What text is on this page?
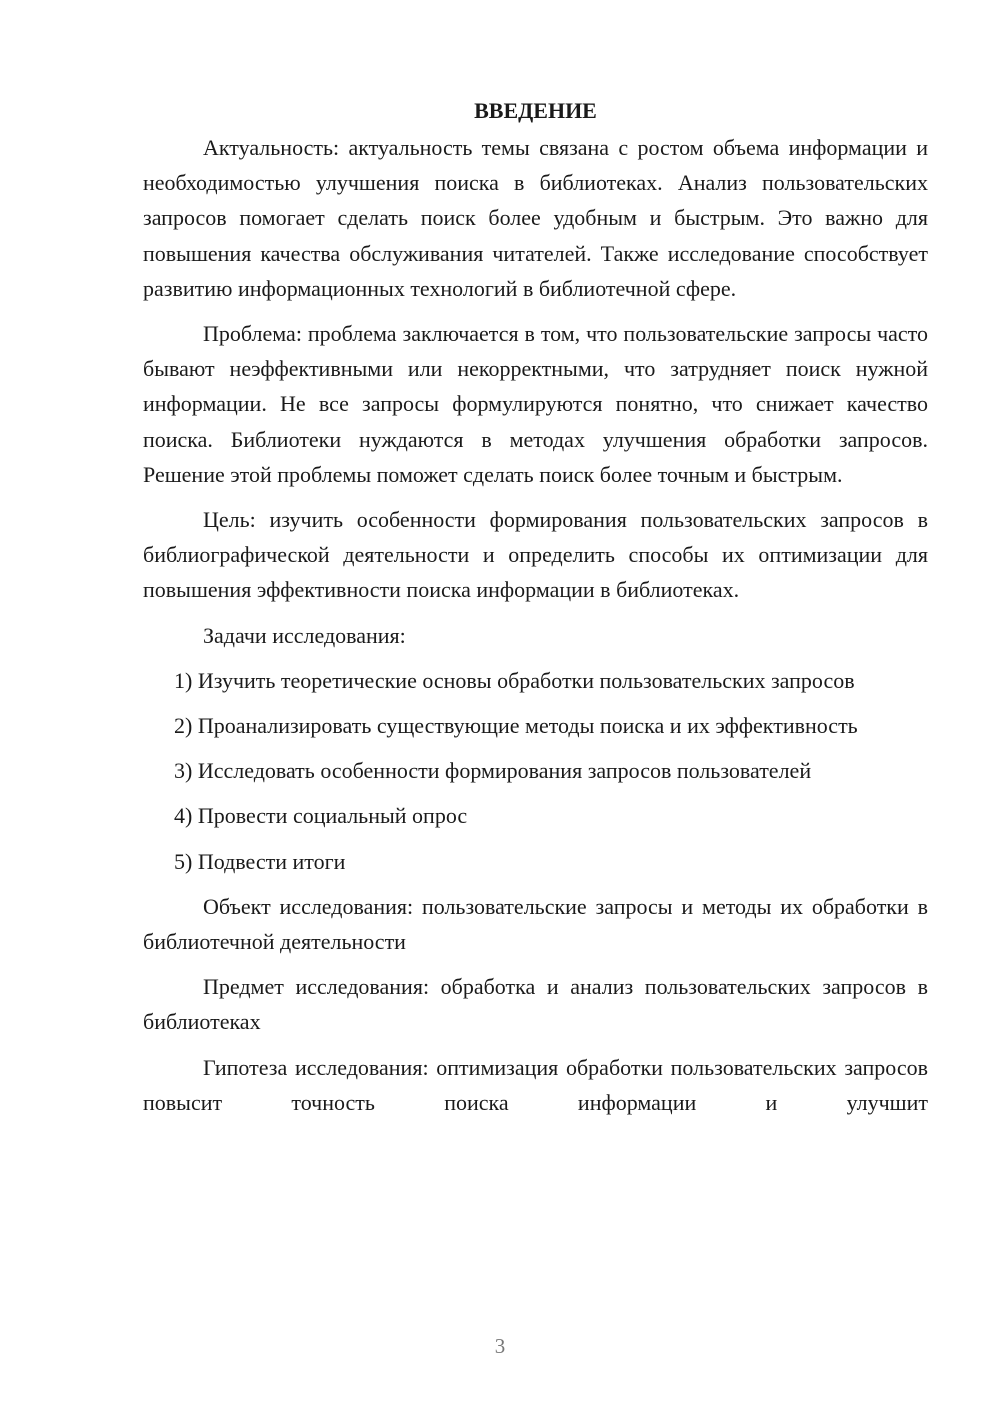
ВВЕДЕНИЕ

Актуальность: актуальность темы связана с ростом объема информации и необходимостью улучшения поиска в библиотеках. Анализ пользовательских запросов помогает сделать поиск более удобным и быстрым. Это важно для повышения качества обслуживания читателей. Также исследование способствует развитию информационных технологий в библиотечной сфере.

Проблема: проблема заключается в том, что пользовательские запросы часто бывают неэффективными или некорректными, что затрудняет поиск нужной информации. Не все запросы формулируются понятно, что снижает качество поиска. Библиотеки нуждаются в методах улучшения обработки запросов. Решение этой проблемы поможет сделать поиск более точным и быстрым.

Цель: изучить особенности формирования пользовательских запросов в библиографической деятельности и определить способы их оптимизации для повышения эффективности поиска информации в библиотеках.

Задачи исследования:

1) Изучить теоретические основы обработки пользовательских запросов

2) Проанализировать существующие методы поиска и их эффективность

3) Исследовать особенности формирования запросов пользователей

4) Провести социальный опрос

5) Подвести итоги

Объект исследования: пользовательские запросы и методы их обработки в библиотечной деятельности

Предмет исследования: обработка и анализ пользовательских запросов в библиотеках

Гипотеза исследования: оптимизация обработки пользовательских запросов повысит точность поиска информации и улучшит

3
